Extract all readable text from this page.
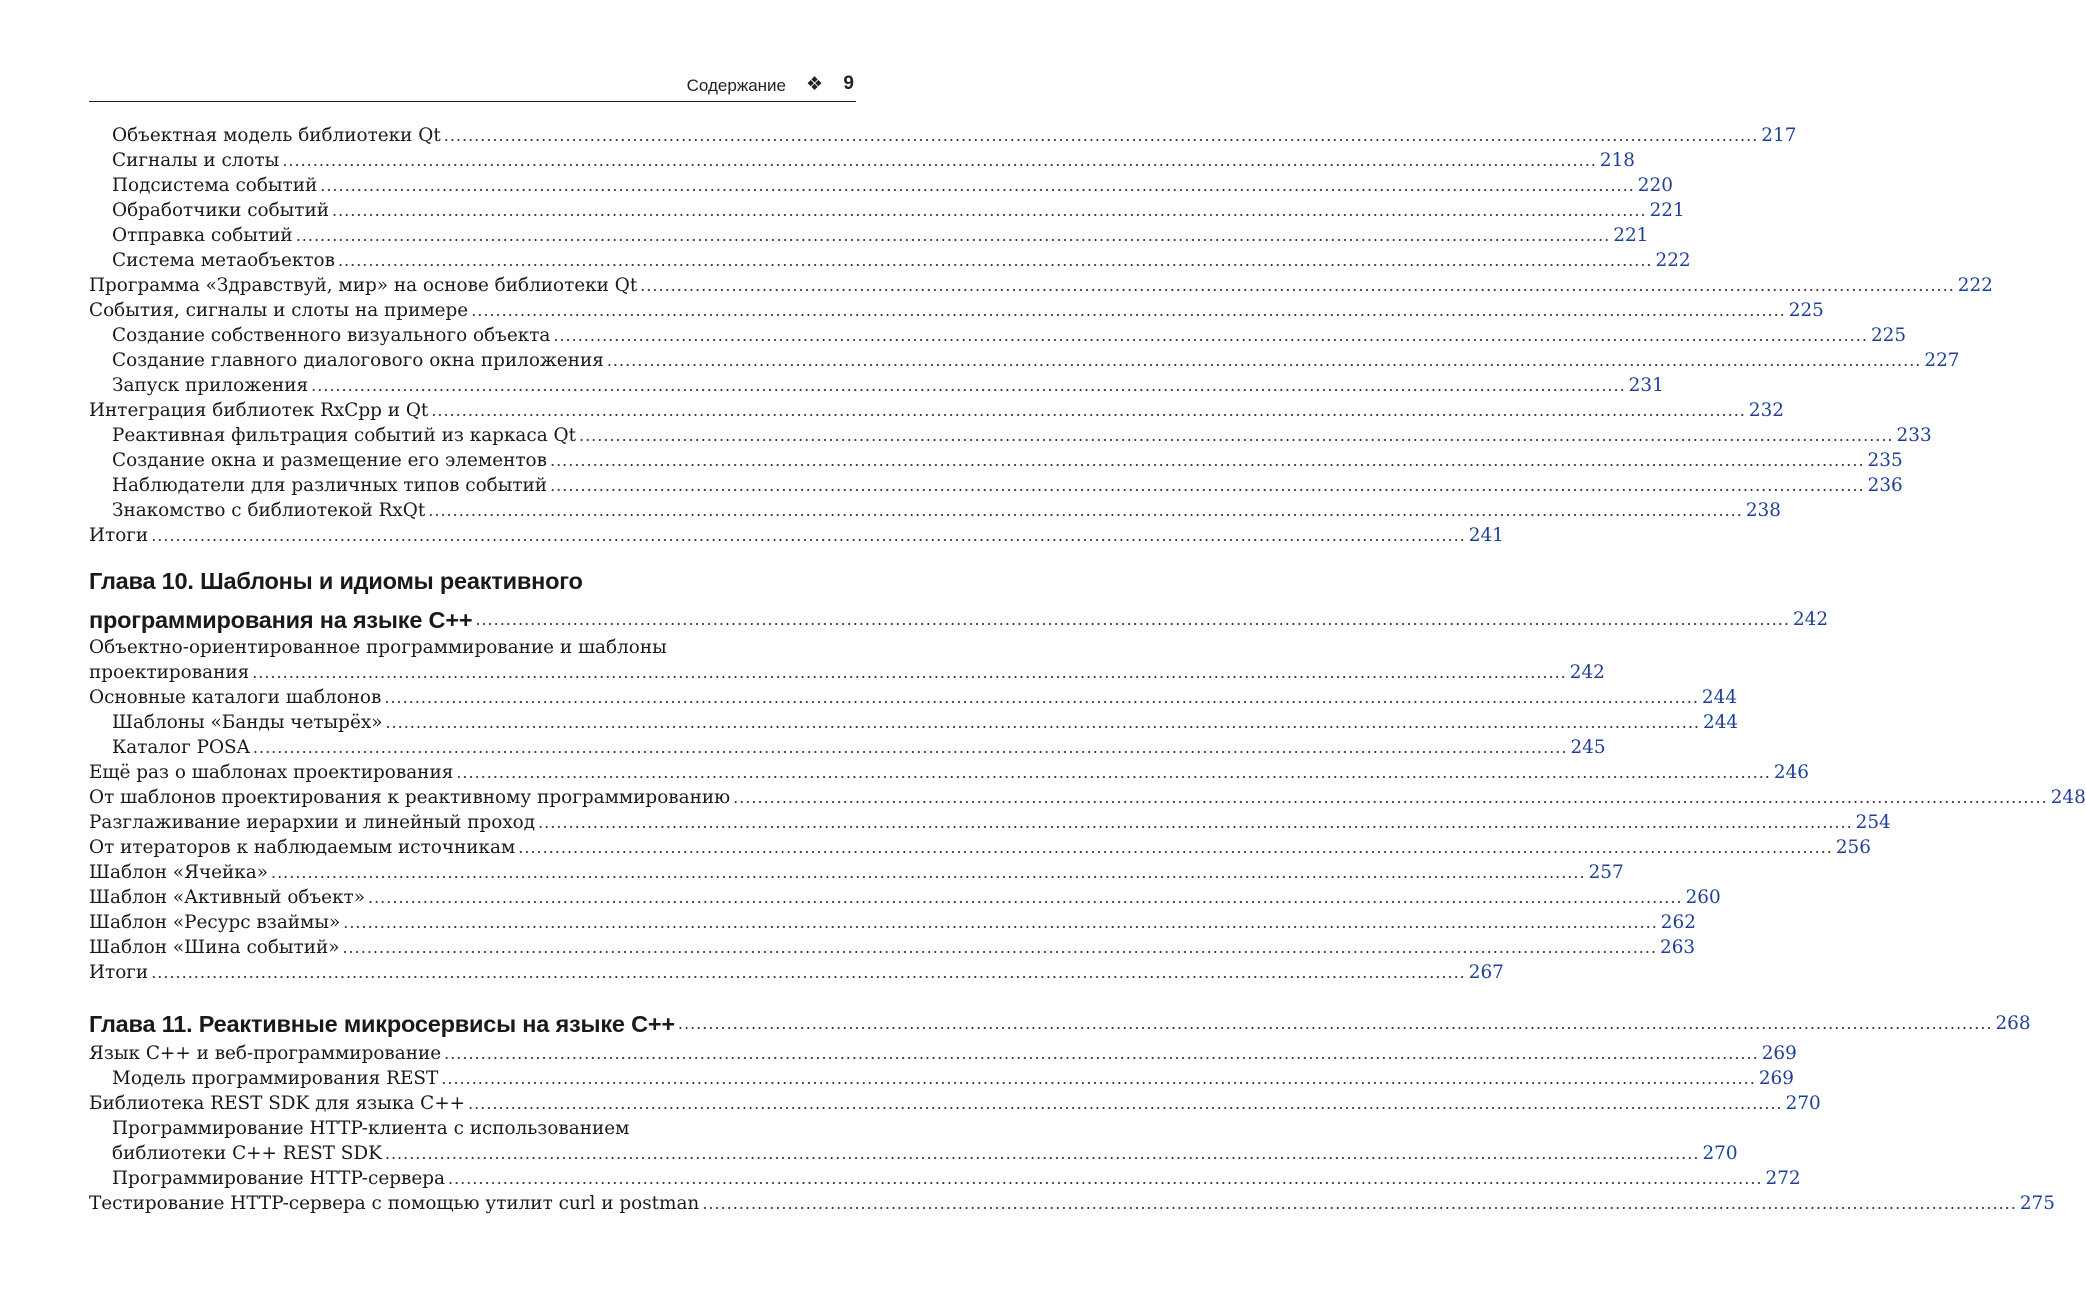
Содержание ❖ 9
Объектная модель библиотеки Qt ........................................................................................................................................................................................................................ 217
Сигналы и слоты ........................................................................................................................................................................................................................ 218
Подсистема событий ........................................................................................................................................................................................................................ 220
Обработчики событий ........................................................................................................................................................................................................................ 221
Отправка событий ........................................................................................................................................................................................................................ 221
Система метаобъектов ........................................................................................................................................................................................................................ 222
Программа «Здравствуй, мир» на основе библиотеки Qt ........................................................................................................................................................................................................................ 222
События, сигналы и слоты на примере ........................................................................................................................................................................................................................ 225
Создание собственного визуального объекта ........................................................................................................................................................................................................................ 225
Создание главного диалогового окна приложения ........................................................................................................................................................................................................................ 227
Запуск приложения ........................................................................................................................................................................................................................ 231
Интеграция библиотек RxCpp и Qt ........................................................................................................................................................................................................................ 232
Реактивная фильтрация событий из каркаса Qt ........................................................................................................................................................................................................................ 233
Создание окна и размещение его элементов ........................................................................................................................................................................................................................ 235
Наблюдатели для различных типов событий ........................................................................................................................................................................................................................ 236
Знакомство с библиотекой RxQt ........................................................................................................................................................................................................................ 238
Итоги ........................................................................................................................................................................................................................ 241
Глава 10. Шаблоны и идиомы реактивного
программирования на языке С++ ........................................................................................................................................................................................................................ 242
Объектно-ориентированное программирование и шаблоны
проектирования ........................................................................................................................................................................................................................ 242
Основные каталоги шаблонов ........................................................................................................................................................................................................................ 244
Шаблоны «Банды четырёх» ........................................................................................................................................................................................................................ 244
Каталог POSA ........................................................................................................................................................................................................................ 245
Ещё раз о шаблонах проектирования ........................................................................................................................................................................................................................ 246
От шаблонов проектирования к реактивному программированию ........................................................................................................................................................................................................................ 248
Разглаживание иерархии и линейный проход ........................................................................................................................................................................................................................ 254
От итераторов к наблюдаемым источникам ........................................................................................................................................................................................................................ 256
Шаблон «Ячейка» ........................................................................................................................................................................................................................ 257
Шаблон «Активный объект» ........................................................................................................................................................................................................................ 260
Шаблон «Ресурс взаймы» ........................................................................................................................................................................................................................ 262
Шаблон «Шина событий» ........................................................................................................................................................................................................................ 263
Итоги ........................................................................................................................................................................................................................ 267
Глава 11. Реактивные микросервисы на языке С++ ........................................................................................................................................................................................................................ 268
Язык C++ и веб-программирование ........................................................................................................................................................................................................................ 269
Модель программирования REST ........................................................................................................................................................................................................................ 269
Библиотека REST SDK для языка C++ ........................................................................................................................................................................................................................ 270
Программирование HTTP-клиента с использованием
библиотеки C++ REST SDK ........................................................................................................................................................................................................................ 270
Программирование HTTP-сервера ........................................................................................................................................................................................................................ 272
Тестирование HTTP-сервера с помощью утилит curl и postman ........................................................................................................................................................................................................................ 275
